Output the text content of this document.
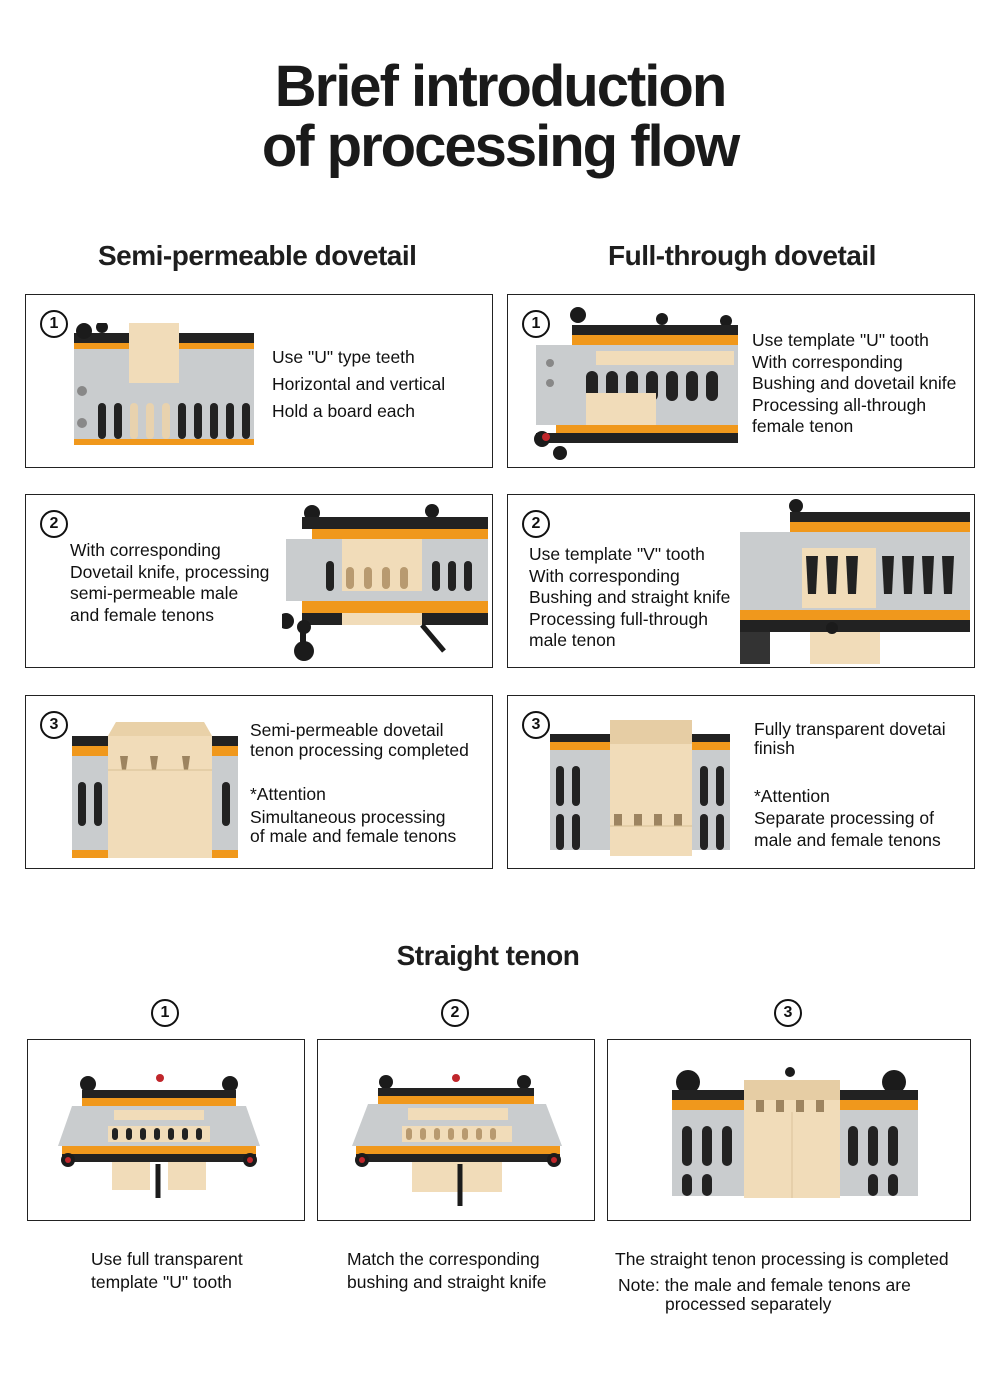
Brief introduction
of processing flow
Semi-permeable dovetail	Full-through dovetail
1
Use "U" type teeth
Horizontal and vertical
Hold a board each
2
With corresponding
Dovetail knife, processing
semi-permeable male
and female tenons
3	Semi-permeable dovetail
tenon processing completed
*Attention
Simultaneous processing
of male and female tenons
1
Use template "U" tooth
With corresponding
Bushing and dovetail knife
Processing all-through
female tenon
2
Use template "V" tooth
With corresponding
Bushing and straight knife
Processing full-through
male tenon
3	Fully transparent dovetai
finish
*Attention
Separate processing of
male and female tenons
Straight tenon
1	2	3
Use full transparent
template "U" tooth
Match the corresponding
bushing and straight knife
The straight tenon processing is completed
Note: the male and female tenons are
processed separately
